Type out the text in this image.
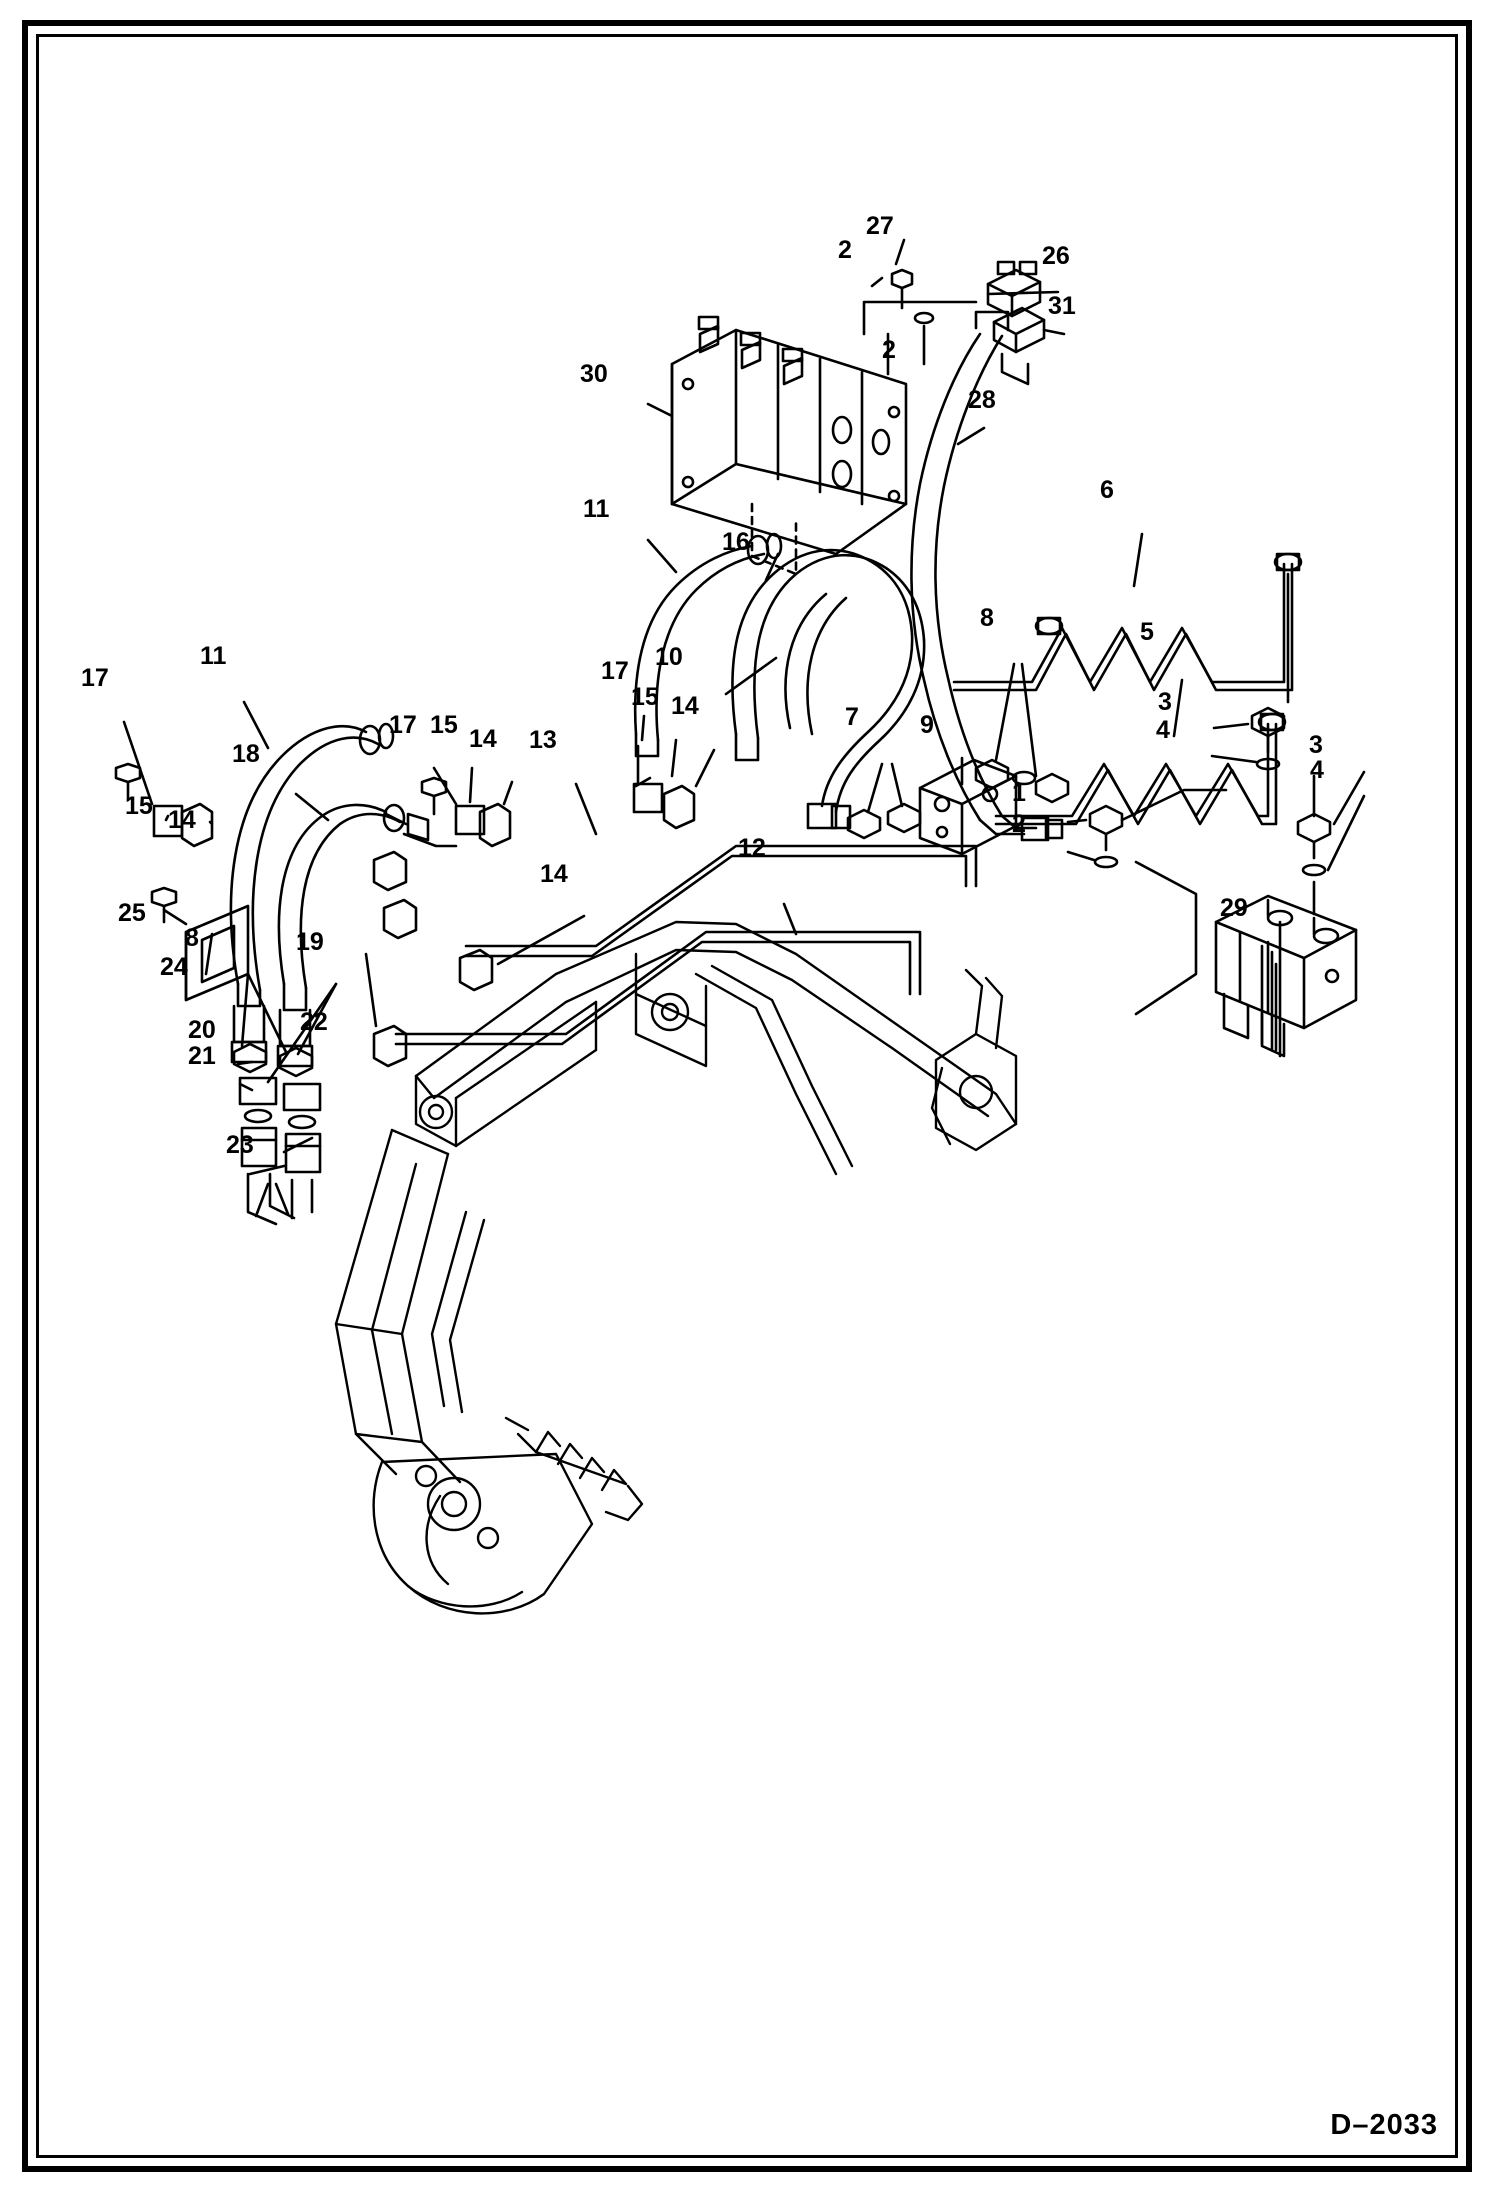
27
2	26
31
2
30
28
6
11
16
8	5
10
11
17
3
15 14
17
4
7 9
17 15 14 13	3
18
4
15 14
1
2
12
14
25	29
8	19
24
20	22
21
23
D–2033
